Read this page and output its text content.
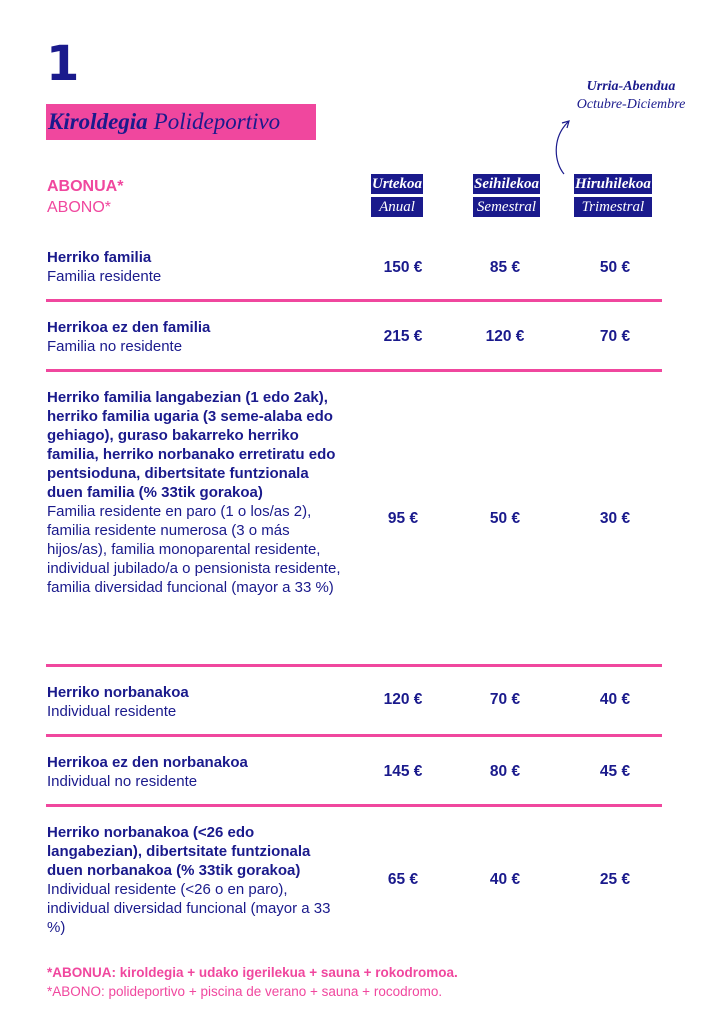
1
Kiroldegia Polideportivo
Urria-Abendua
Octubre-Diciembre
ABONUA*
ABONO*
Urtekoa
Anual
Seihilekoa
Semestral
Hiruhilekoa
Trimestral
Herriko familia
Familia residente
150 €	85 €	50 €
Herrikoa ez den familia
Familia no residente
215 €	120 €	70 €
Herriko familia langabezian (1 edo 2ak), herriko familia ugaria (3 seme-alaba edo gehiago), guraso bakarreko herriko familia, herriko norbanako erretiratu edo pentsioduna, dibertsitate funtzionala duen familia (% 33tik gorakoa)
Familia residente en paro (1 o los/as 2), familia residente numerosa (3 o más hijos/as), familia monoparental residente, individual jubilado/a o pensionista residente, familia diversidad funcional (mayor a 33 %)
95 €	50 €	30 €
Herriko norbanakoa
Individual residente
120 €	70 €	40 €
Herrikoa ez den norbanakoa
Individual no residente
145 €	80 €	45 €
Herriko norbanakoa (<26 edo langabezian), dibertsitate funtzionala duen norbanakoa (% 33tik gorakoa)
Individual residente (<26 o en paro), individual diversidad funcional (mayor a 33 %)
65 €	40 €	25 €
*ABONUA: kiroldegia + udako igerilekua + sauna + rokodromoa.
*ABONO: polideportivo + piscina de verano + sauna + rocodromo.
